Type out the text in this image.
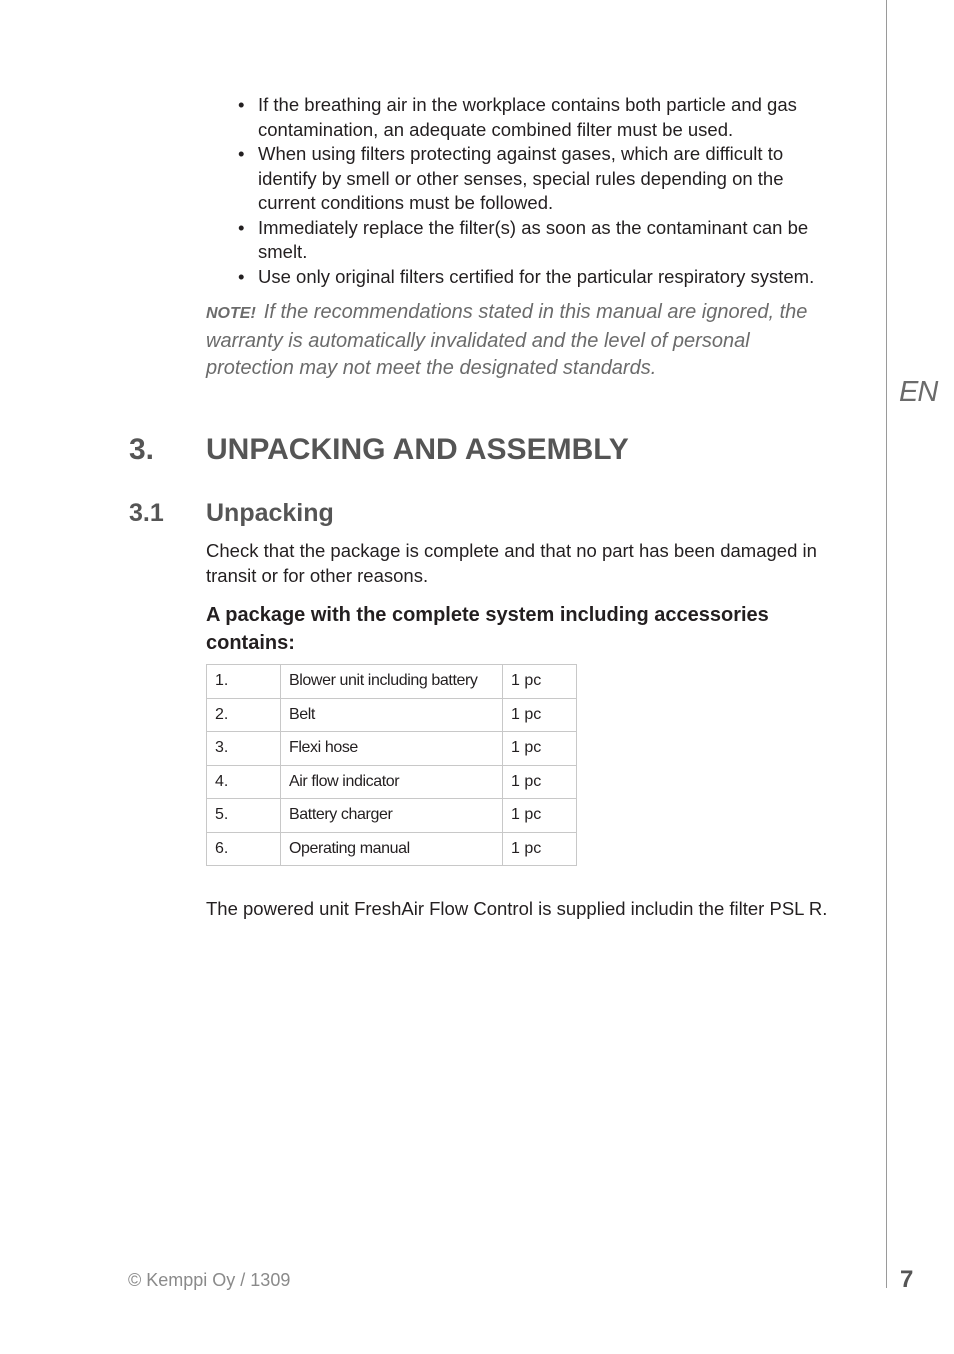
EN
• If the breathing air in the workplace contains both particle and gas contamination, an adequate combined filter must be used.
• When using filters protecting against gases, which are difficult to identify by smell or other senses, special rules depending on the current conditions must be followed.
• Immediately replace the filter(s) as soon as the contaminant can be smelt.
• Use only original filters certified for the particular respiratory system.
NOTE! If the recommendations stated in this manual are ignored, the warranty is automatically invalidated and the level of personal protection may not meet the designated standards.
3. UNPACKING AND ASSEMBLY
3.1 Unpacking
Check that the package is complete and that no part has been damaged in transit or for other reasons.
A package with the complete system including accessories contains:
1.	Blower unit including battery	1 pc
2.	Belt	1 pc
3.	Flexi hose	1 pc
4.	Air flow indicator	1 pc
5.	Battery charger	1 pc
6.	Operating manual	1 pc
The powered unit FreshAir Flow Control is supplied includin the filter PSL R.
© Kemppi Oy / 1309	7
